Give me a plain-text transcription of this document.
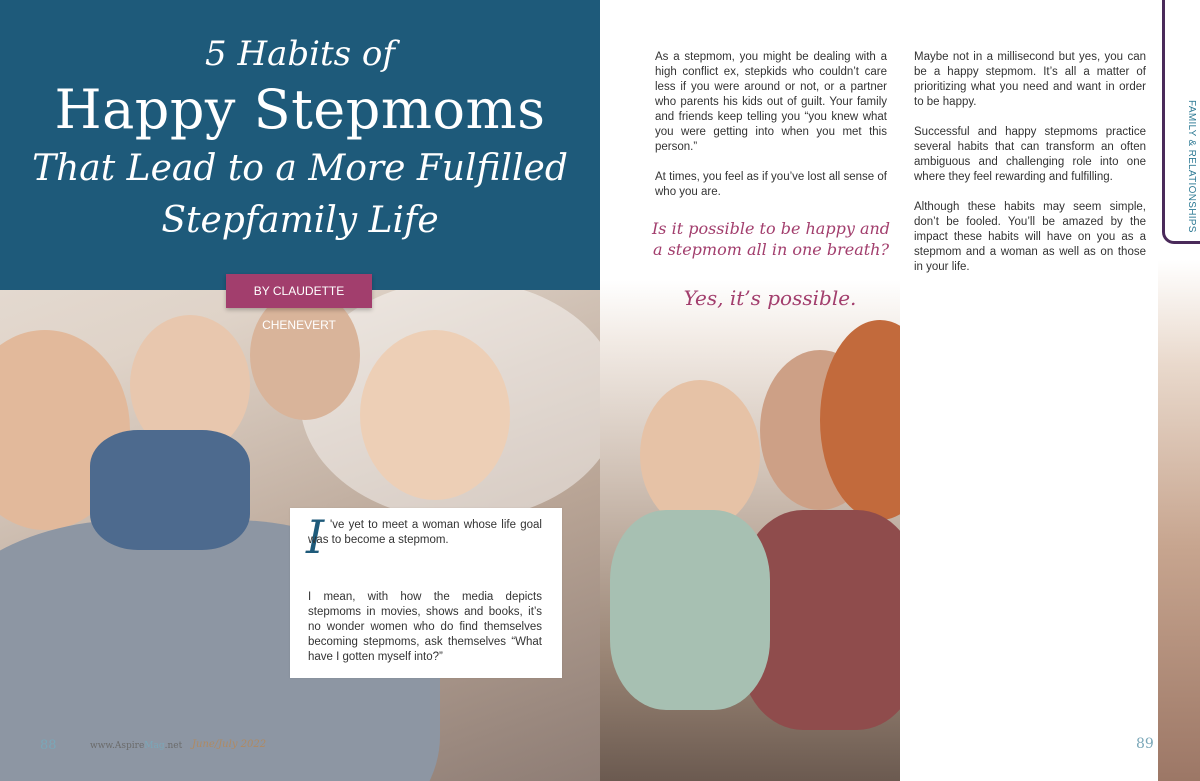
5 Habits of
Happy Stepmoms
That Lead to a More Fulfilled
Stepfamily Life
BY CLAUDETTE CHENEVERT
I 've yet to meet a woman whose life goal was to become a stepmom.
I mean, with how the media depicts stepmoms in movies, shows and books, it’s no wonder women who do find themselves becoming stepmoms, ask themselves “What have I gotten myself into?”
88	www.AspireMag.net June/July 2022

As a stepmom, you might be dealing with a high conflict ex, stepkids who couldn’t care less if you were around or not, or a partner who parents his kids out of guilt. Your family and friends keep telling you “you knew what you were getting into when you met this person.”

At times, you feel as if you’ve lost all sense of who you are.

Is it possible to be happy and a stepmom all in one breath?
Yes, it’s possible.

Maybe not in a millisecond but yes, you can be a happy stepmom. It’s all a matter of prioritizing what you need and want in order to be happy.

Successful and happy stepmoms practice several habits that can transform an often ambiguous and challenging role into one where they feel rewarding and fulfilling.

Although these habits may seem simple, don’t be fooled. You’ll be amazed by the impact these habits will have on you as a stepmom and a woman as well as on those in your life.

FAMILY & RELATIONSHIPS
89
